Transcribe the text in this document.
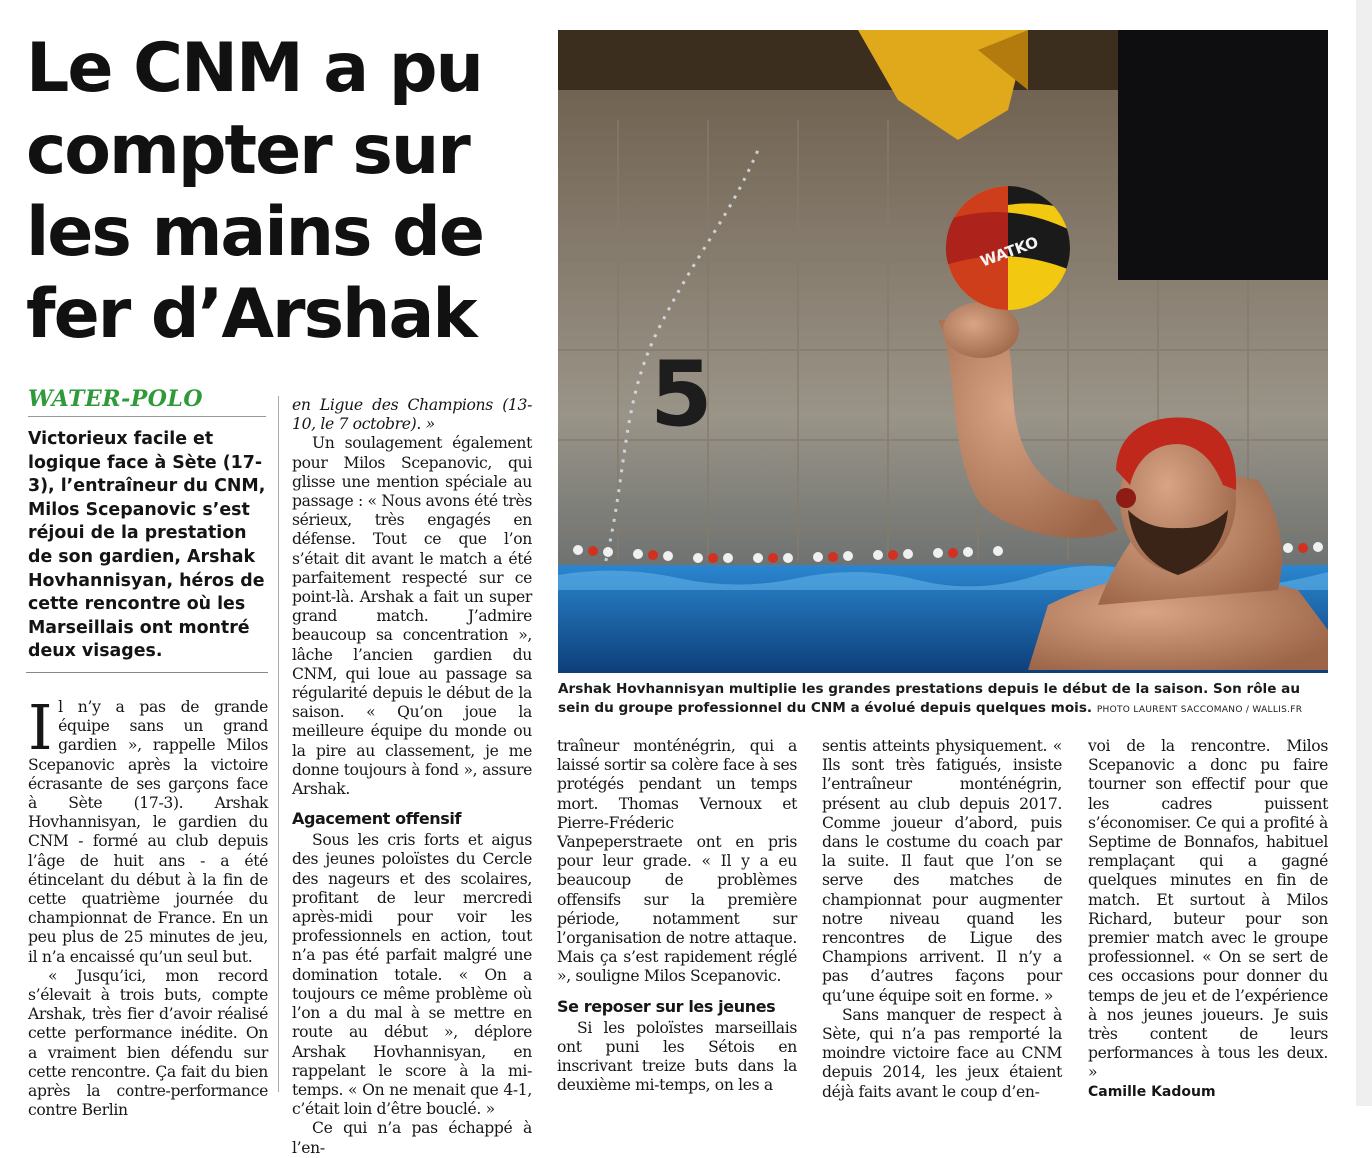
Le CNM a pu compter sur les mains de fer d’Arshak
WATER-POLO

Victorieux facile et logique face à Sète (17-3), l’entraîneur du CNM, Milos Scepanovic s’est réjoui de la prestation de son gardien, Arshak Hovhannisyan, héros de cette rencontre où les Marseillais ont montré deux visages.

Il n’y a pas de grande équipe sans un grand gardien », rappelle Milos Scepanovic après la victoire écrasante de ses garçons face à Sète (17-3). Arshak Hovhannisyan, le gardien du CNM - formé au club depuis l’âge de huit ans - a été étincelant du début à la fin de cette quatrième journée du championnat de France. En un peu plus de 25 minutes de jeu, il n’a encaissé qu’un seul but.

« Jusqu’ici, mon record s’élevait à trois buts, compte Arshak, très fier d’avoir réalisé cette performance inédite. On a vraiment bien défendu sur cette rencontre. Ça fait du bien après la contre-performance contre Berlin

en Ligue des Champions (13-10, le 7 octobre). »

Un soulagement également pour Milos Scepanovic, qui glisse une mention spéciale au passage : « Nous avons été très sérieux, très engagés en défense. Tout ce que l’on s’était dit avant le match a été parfaitement respecté sur ce point-là. Arshak a fait un super grand match. J’admire beaucoup sa concentration », lâche l’ancien gardien du CNM, qui loue au passage sa régularité depuis le début de la saison. « Qu’on joue la meilleure équipe du monde ou la pire au classement, je me donne toujours à fond », assure Arshak.

Agacement offensif

Sous les cris forts et aigus des jeunes poloïstes du Cercle des nageurs et des scolaires, profitant de leur mercredi après-midi pour voir les professionnels en action, tout n’a pas été parfait malgré une domination totale. « On a toujours ce même problème où l’on a du mal à se mettre en route au début », déplore Arshak Hovhannisyan, en rappelant le score à la mi-temps. « On ne menait que 4-1, c’était loin d’être bouclé. »

Ce qui n’a pas échappé à l’en-

5
WATKO

Arshak Hovhannisyan multiplie les grandes prestations depuis le début de la saison. Son rôle au sein du groupe professionnel du CNM a évolué depuis quelques mois. PHOTO LAURENT SACCOMANO / WALLIS.FR

traîneur monténégrin, qui a laissé sortir sa colère face à ses protégés pendant un temps mort. Thomas Vernoux et Pierre-Fréderic Vanpeperstraete ont en pris pour leur grade. « Il y a eu beaucoup de problèmes offensifs sur la première période, notamment sur l’organisation de notre attaque. Mais ça s’est rapidement réglé », souligne Milos Scepanovic.

Se reposer sur les jeunes

Si les poloïstes marseillais ont puni les Sétois en inscrivant treize buts dans la deuxième mi-temps, on les a

sentis atteints physiquement. « Ils sont très fatigués, insiste l’entraîneur monténégrin, présent au club depuis 2017. Comme joueur d’abord, puis dans le costume du coach par la suite. Il faut que l’on se serve des matches de championnat pour augmenter notre niveau quand les rencontres de Ligue des Champions arrivent. Il n’y a pas d’autres façons pour qu’une équipe soit en forme. »

Sans manquer de respect à Sète, qui n’a pas remporté la moindre victoire face au CNM depuis 2014, les jeux étaient déjà faits avant le coup d’en-

voi de la rencontre. Milos Scepanovic a donc pu faire tourner son effectif pour que les cadres puissent s’économiser. Ce qui a profité à Septime de Bonnafos, habituel remplaçant qui a gagné quelques minutes en fin de match. Et surtout à Milos Richard, buteur pour son premier match avec le groupe professionnel. « On se sert de ces occasions pour donner du temps de jeu et de l’expérience à nos jeunes joueurs. Je suis très content de leurs performances à tous les deux. »

Camille Kadoum
